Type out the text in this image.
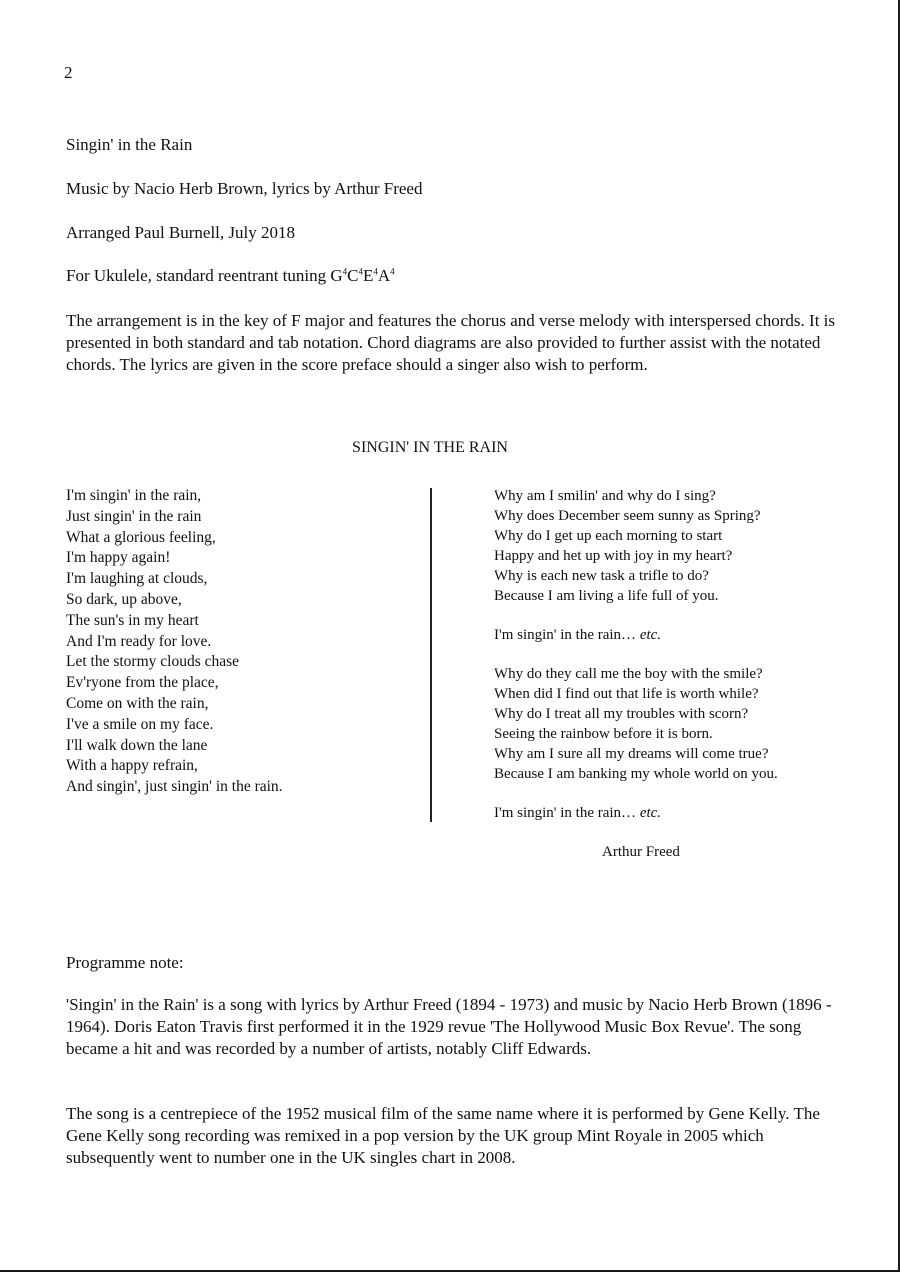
2
Singin' in the Rain
Music by Nacio Herb Brown, lyrics by Arthur Freed
Arranged Paul Burnell, July 2018
For Ukulele, standard reentrant tuning $G^4C^4E^4A^4$
The arrangement is in the key of F major and features the chorus and verse melody with interspersed chords. It is presented in both standard and tab notation. Chord diagrams are also provided to further assist with the notated chords. The lyrics are given in the score preface should a singer also wish to perform.
SINGIN' IN THE RAIN
I'm singin' in the rain,
Just singin' in the rain
What a glorious feeling,
I'm happy again!
I'm laughing at clouds,
So dark, up above,
The sun's in my heart
And I'm ready for love.
Let the stormy clouds chase
Ev'ryone from the place,
Come on with the rain,
I've a smile on my face.
I'll walk down the lane
With a happy refrain,
And singin', just singin' in the rain.
Why am I smilin' and why do I sing?
Why does December seem sunny as Spring?
Why do I get up each morning to start
Happy and het up with joy in my heart?
Why is each new task a trifle to do?
Because I am living a life full of you.
I'm singin' in the rain… etc.
Why do they call me the boy with the smile?
When did I find out that life is worth while?
Why do I treat all my troubles with scorn?
Seeing the rainbow before it is born.
Why am I sure all my dreams will come true?
Because I am banking my whole world on you.
I'm singin' in the rain… etc.
Arthur Freed
Programme note:
'Singin' in the Rain' is a song with lyrics by Arthur Freed (1894 - 1973) and music by Nacio Herb Brown (1896 - 1964). Doris Eaton Travis first performed it in the 1929 revue 'The Hollywood Music Box Revue'. The song became a hit and was recorded by a number of artists, notably Cliff Edwards.
The song is a centrepiece of the 1952 musical film of the same name where it is performed by Gene Kelly. The Gene Kelly song recording was remixed in a pop version by the UK group Mint Royale in 2005 which subsequently went to number one in the UK singles chart in 2008.
